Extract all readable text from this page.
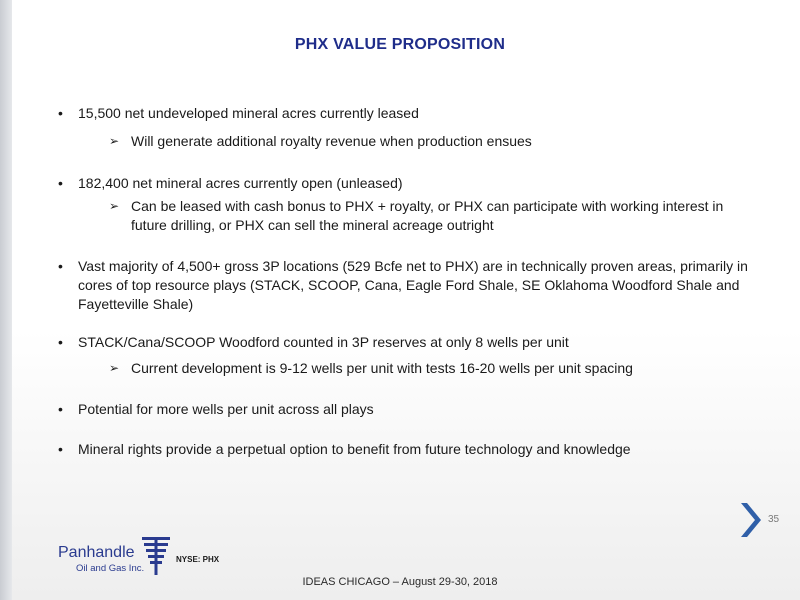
PHX VALUE PROPOSITION
•	15,500 net undeveloped mineral acres currently leased
➢ Will generate additional royalty revenue when production ensues
•	182,400 net mineral acres currently open (unleased)
➢ Can be leased with cash bonus to PHX + royalty, or PHX can participate with working interest in future drilling, or PHX can sell the mineral acreage outright
•	Vast majority of 4,500+ gross 3P locations (529 Bcfe net to PHX) are in technically proven areas, primarily in cores of top resource plays (STACK, SCOOP, Cana, Eagle Ford Shale, SE Oklahoma Woodford Shale and Fayetteville Shale)
•	STACK/Cana/SCOOP Woodford counted in 3P reserves at only 8 wells per unit
➢ Current development is 9-12 wells per unit with tests 16-20 wells per unit spacing
•	Potential for more wells per unit across all plays
•	Mineral rights provide a perpetual option to benefit from future technology and knowledge
35
Panhandle
Oil and Gas Inc.
NYSE: PHX
IDEAS CHICAGO – August 29-30, 2018
